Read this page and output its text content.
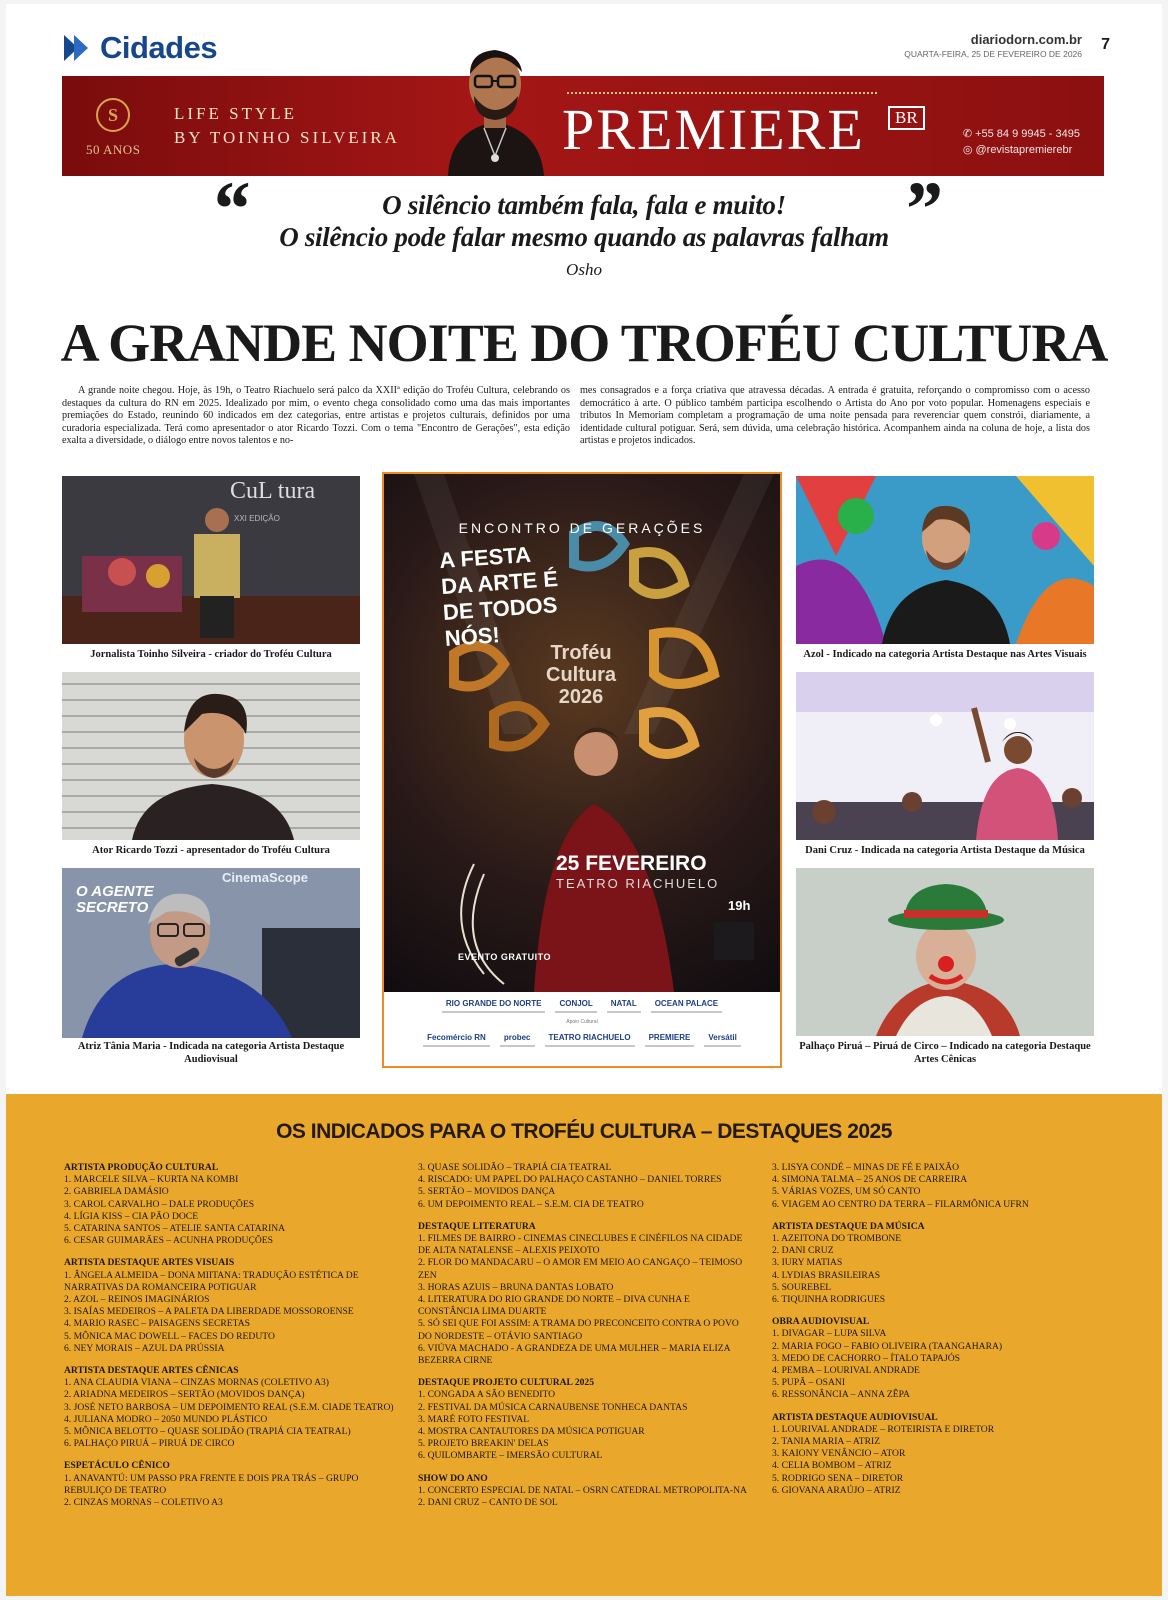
Cidades	diariodorn.com.br
QUARTA-FEIRA, 25 DE FEVEREIRO DE 2026
7
S
50 ANOS
LIFE STYLE
BY TOINHO SILVEIRA	PREMIERE	BR
✆ +55 84 9 9945 - 3495
◎ @revistapremierebr
“	”
O silêncio também fala, fala e muito!
O silêncio pode falar mesmo quando as palavras falham
Osho
A GRANDE NOITE DO TROFÉU CULTURA

A grande noite chegou. Hoje, às 19h, o Teatro Riachuelo será palco da XXIIª edição do Troféu Cultura, celebrando os destaques da cultura do RN em 2025. Idealizado por mim, o evento chega consolidado como uma das mais importantes premiações do Estado, reunindo 60 indicados em dez categorias, entre artistas e projetos culturais, definidos por uma curadoria especializada. Terá como apresentador o ator Ricardo Tozzi. Com o tema "Encontro de Gerações", esta edição exalta a diversidade, o diálogo entre novos talentos e no-

mes consagrados e a força criativa que atravessa décadas. A entrada é gratuita, reforçando o compromisso com o acesso democrático à arte. O público também participa escolhendo o Artista do Ano por voto popular. Homenagens especiais e tributos In Memoriam completam a programação de uma noite pensada para reverenciar quem constrói, diariamente, a identidade cultural potiguar. Será, sem dúvida, uma celebração histórica. Acompanhem ainda na coluna de hoje, a lista dos artistas e projetos indicados.

CuL tura
XXI EDIÇÃO
Jornalista Toinho Silveira - criador do Troféu Cultura
Ator Ricardo Tozzi - apresentador do Troféu Cultura
CinemaScope
O AGENTE SECRETO
Atriz Tânia Maria - Indicada na categoria Artista Destaque Audiovisual
ENCONTRO DE GERAÇÕES
A FESTA
DA ARTE É
DE TODOS
NÓS!
Troféu
Cultura
2026
25 FEVEREIRO
TEATRO RIACHUELO
19h
EVENTO GRATUITO
RIO GRANDE DO NORTE	CONJOL	NATAL	OCEAN PALACE
Apoio Cultural
Fecomércio RN	probec	TEATRO RIACHUELO	PREMIERE	Versátil
Azol - Indicado na categoria Artista Destaque nas Artes Visuais
Dani Cruz - Indicada na categoria Artista Destaque da Música
Palhaço Piruá – Piruá de Circo – Indicado na categoria Destaque Artes Cênicas
OS INDICADOS PARA O TROFÉU CULTURA – DESTAQUES 2025
ARTISTA PRODUÇÃO CULTURAL
1. MARCELE SILVA – KURTA NA KOMBI
2. GABRIELA DAMÁSIO
3. CAROL CARVALHO – DALE PRODUÇÕES
4. LÍGIA KISS – CIA PÃO DOCE
5. CATARINA SANTOS – ATELIE SANTA CATARINA
6. CESAR GUIMARÃES – ACUNHA PRODUÇÕES
ARTISTA DESTAQUE ARTES VISUAIS
1. ÂNGELA ALMEIDA – DONA MIITANA: TRADUÇÃO ESTÉTICA DE NARRATIVAS DA ROMANCEIRA POTIGUAR
2. AZOL – REINOS IMAGINÁRIOS
3. ISAÍAS MEDEIROS – A PALETA DA LIBERDADE MOSSOROENSE
4. MARIO RASEC – PAISAGENS SECRETAS
5. MÔNICA MAC DOWELL – FACES DO REDUTO
6. NEY MORAIS – AZUL DA PRÚSSIA
ARTISTA DESTAQUE ARTES CÊNICAS
1. ANA CLAUDIA VIANA – CINZAS MORNAS (COLETIVO A3)
2. ARIADNA MEDEIROS – SERTÃO (MOVIDOS DANÇA)
3. JOSÉ NETO BARBOSA – UM DEPOIMENTO REAL (S.E.M. CIADE TEATRO)
4. JULIANA MODRO – 2050 MUNDO PLÁSTICO
5. MÔNICA BELOTTO – QUASE SOLIDÃO (TRAPIÁ CIA TEATRAL)
6. PALHAÇO PIRUÁ – PIRUÁ DE CIRCO
ESPETÁCULO CÊNICO
1. ANAVANTÚ: UM PASSO PRA FRENTE E DOIS PRA TRÁS – GRUPO REBULIÇO DE TEATRO
2. CINZAS MORNAS – COLETIVO A3
3. QUASE SOLIDÃO – TRAPIÁ CIA TEATRAL
4. RISCADO: UM PAPEL DO PALHAÇO CASTANHO – DANIEL TORRES
5. SERTÃO – MOVIDOS DANÇA
6. UM DEPOIMENTO REAL – S.E.M. CIA DE TEATRO
DESTAQUE LITERATURA
1. FILMES DE BAIRRO - CINEMAS CINECLUBES E CINÉFILOS NA CIDADE DE ALTA NATALENSE – ALEXIS PEIXOTO
2. FLOR DO MANDACARU – O AMOR EM MEIO AO CANGAÇO – TEIMOSO ZEN
3. HORAS AZUIS – BRUNA DANTAS LOBATO
4. LITERATURA DO RIO GRANDE DO NORTE – DIVA CUNHA E CONSTÂNCIA LIMA DUARTE
5. SÓ SEI QUE FOI ASSIM: A TRAMA DO PRECONCEITO CONTRA O POVO DO NORDESTE – OTÁVIO SANTIAGO
6. VIÚVA MACHADO - A GRANDEZA DE UMA MULHER – MARIA ELIZA BEZERRA CIRNE
DESTAQUE PROJETO CULTURAL 2025
1. CONGADA A SÃO BENEDITO
2. FESTIVAL DA MÚSICA CARNAUBENSE TONHECA DANTAS
3. MARÉ FOTO FESTIVAL
4. MOSTRA CANTAUTORES DA MÚSICA POTIGUAR
5. PROJETO BREAKIN' DELAS
6. QUILOMBARTE – IMERSÃO CULTURAL
SHOW DO ANO
1. CONCERTO ESPECIAL DE NATAL – OSRN CATEDRAL METROPOLITA-NA
2. DANI CRUZ – CANTO DE SOL
3. LISYA CONDÉ – MINAS DE FÉ E PAIXÃO
4. SIMONA TALMA – 25 ANOS DE CARREIRA
5. VÁRIAS VOZES, UM SÓ CANTO
6. VIAGEM AO CENTRO DA TERRA – FILARMÔNICA UFRN
ARTISTA DESTAQUE DA MÚSICA
1. AZEITONA DO TROMBONE
2. DANI CRUZ
3. IURY MATIAS
4. LYDIAS BRASILEIRAS
5. SOUREBEL
6. TIQUINHA RODRIGUES
OBRA AUDIOVISUAL
1. DIVAGAR – LUPA SILVA
2. MARIA FOGO – FABIO OLIVEIRA (TAANGAHARA)
3. MEDO DE CACHORRO – ÍTALO TAPAJÓS
4. PEMBA – LOURIVAL ANDRADE
5. PUPÃ – OSANI
6. RESSONÂNCIA – ANNA ZÊPA
ARTISTA DESTAQUE AUDIOVISUAL
1. LOURIVAL ANDRADE – ROTEIRISTA E DIRETOR
2. TANIA MARIA – ATRIZ
3. KAIONY VENÂNCIO – ATOR
4. CELIA BOMBOM – ATRIZ
5. RODRIGO SENA – DIRETOR
6. GIOVANA ARAÚJO – ATRIZ
